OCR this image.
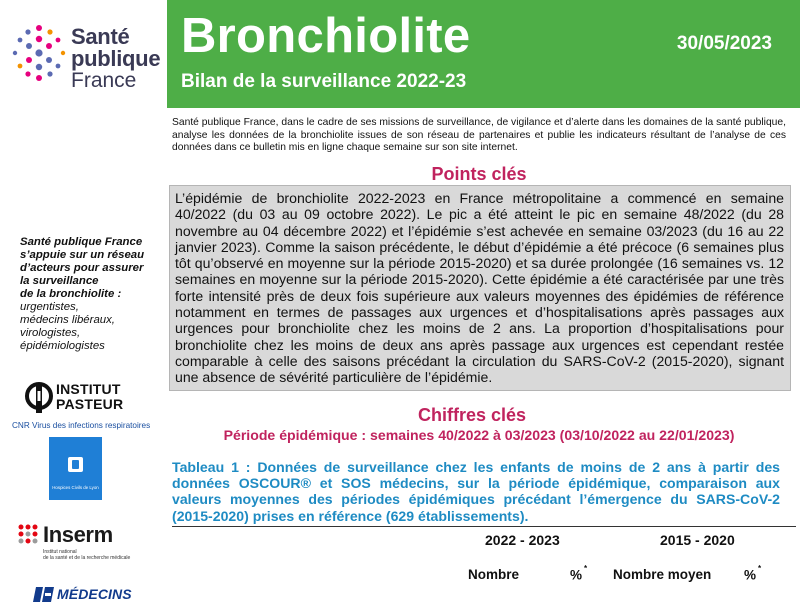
Santé
publique
France
Bronchiolite
Bilan de la surveillance 2022-23
30/05/2023
Santé publique France, dans le cadre de ses missions de surveillance, de vigilance et d’alerte dans les domaines de la santé publique, analyse les données de la bronchiolite issues de son réseau de partenaires et publie les indicateurs résultant de l’analyse de ces données dans ce bulletin mis en ligne chaque semaine sur son site internet.
Points clés
L’épidémie de bronchiolite 2022-2023 en France métropolitaine a commencé en semaine 40/2022 (du 03 au 09 octobre 2022). Le pic a été atteint le pic en semaine 48/2022 (du 28 novembre au 04 décembre 2022) et l’épidémie s’est achevée en semaine 03/2023 (du 16 au 22 janvier 2023). Comme la saison précédente, le début d’épidémie a été précoce (6 semaines plus tôt qu’observé en moyenne sur la période 2015-2020) et sa durée prolongée (16 semaines vs. 12 semaines en moyenne sur la période 2015-2020). Cette épidémie a été caractérisée par une très forte intensité près de deux fois supérieure aux valeurs moyennes des épidémies de référence notamment en termes de passages aux urgences et d’hospitalisations après passages aux urgences pour bronchiolite chez les moins de 2 ans. La proportion d’hospitalisations pour bronchiolite chez les moins de deux ans après passage aux urgences est cependant restée comparable à celle des saisons précédant la circulation du SARS-CoV-2 (2015-2020), signant une absence de sévérité particulière de l’épidémie.
Santé publique France
s’appuie sur un réseau
d’acteurs pour assurer
la surveillance
de la bronchiolite :
urgentistes,
médecins libéraux,
virologistes,
épidémiologistes
INSTITUT
PASTEUR
CNR Virus des infections respiratoires
Hospices Civils de Lyon
Inserm
Institut national
de la santé et de la recherche médicale
MÉDECINS
Chiffres clés
Période épidémique : semaines 40/2022 à 03/2023 (03/10/2022 au 22/01/2023)
Tableau 1 : Données de surveillance chez les enfants de moins de 2 ans à partir des données OSCOUR® et SOS médecins, sur la période épidémique, comparaison aux valeurs moyennes des périodes épidémiques précédant l’émergence du SARS-CoV-2 (2015-2020) prises en référence (629 établissements).
2022 - 2023	2015 - 2020
Nombre	% * Nombre moyen % *
